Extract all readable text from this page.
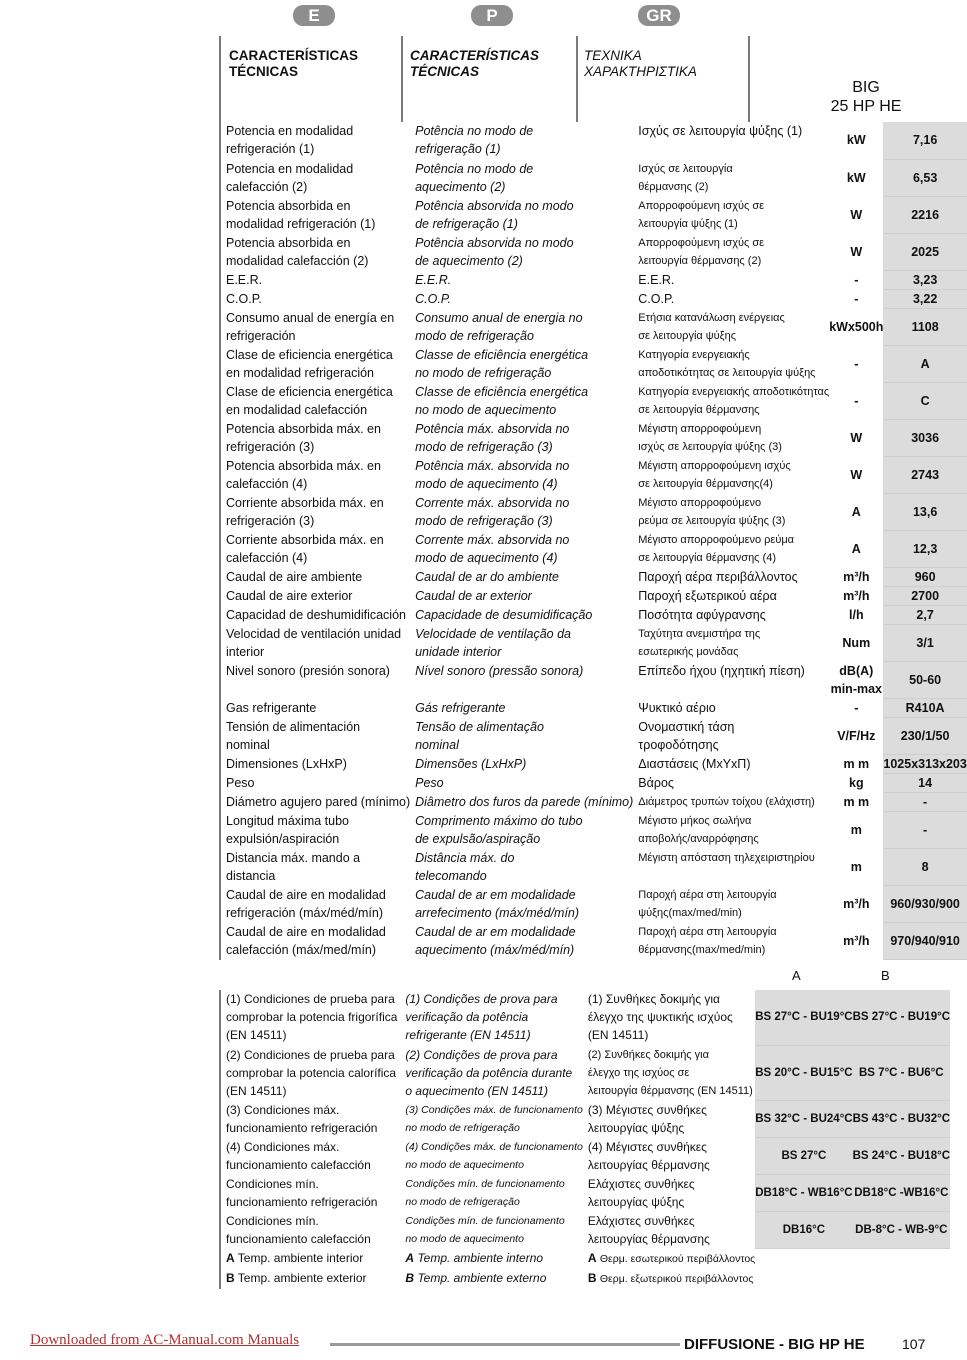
E	P	GR
CARACTERÍSTICAS
TÉCNICAS
CARACTERÍSTICAS
TÉCNICAS
ΤΕΧΝΙΚΑ
ΧΑΡΑΚΤΗΡΙΣΤΙΚΑ
BIG
25 HP HE
Potencia en modalidad
refrigeración (1)	Potência no modo de
refrigeração (1)	Ισχύς σε λειτουργία ψύξης (1)	kW	7,16
Potencia en modalidad
calefacción (2)	Potência no modo de
aquecimento (2)	Ισχύς σε λειτουργία
θέρμανσης (2)	kW	6,53
Potencia absorbida en
modalidad refrigeración (1)	Potência absorvida no modo
de refrigeração (1)	Απορροφούμενη ισχύς σε
λειτουργία ψύξης (1)	W	2216
Potencia absorbida en
modalidad calefacción (2)	Potência absorvida no modo
de aquecimento (2)	Απορροφούμενη ισχύς σε
λειτουργία θέρμανσης (2)	W	2025
E.E.R.	E.E.R.	E.E.R.	-	3,23
C.O.P.	C.O.P.	C.O.P.	-	3,22
Consumo anual de energía en
refrigeración	Consumo anual de energia no
modo de refrigeração	Ετήσια κατανάλωση ενέργειας
σε λειτουργία ψύξης	kWx500h	1108
Clase de eficiencia energética
en modalidad refrigeración	Classe de eficiência energética
no modo de refrigeração	Κατηγορία ενεργειακής
αποδοτικότητας σε λειτουργία ψύξης	-	A
Clase de eficiencia energética
en modalidad calefacción	Classe de eficiência energética
no modo de aquecimento	Κατηγορία ενεργειακής αποδοτικότητας
σε λειτουργία θέρμανσης	-	C
Potencia absorbida máx. en
refrigeración (3)	Potência máx. absorvida no
modo de refrigeração (3)	Μέγιστη απορροφούμενη
ισχύς σε λειτουργία ψύξης (3)	W	3036
Potencia absorbida máx. en
calefacción (4)	Potência máx. absorvida no
modo de aquecimento (4)	Μέγιστη απορροφούμενη ισχύς
σε λειτουργία θέρμανσης(4)	W	2743
Corriente absorbida máx. en
refrigeración (3)	Corrente máx. absorvida no
modo de refrigeração (3)	Μέγιστο απορροφούμενο
ρεύμα σε λειτουργία ψύξης (3)	A	13,6
Corriente absorbida máx. en
calefacción (4)	Corrente máx. absorvida no
modo de aquecimento (4)	Μέγιστο απορροφούμενο ρεύμα
σε λειτουργία θέρμανσης (4)	A	12,3
Caudal de aire ambiente	Caudal de ar do ambiente	Παροχή αέρα περιβάλλοντος	m³/h	960
Caudal de aire exterior	Caudal de ar exterior	Παροχή εξωτερικού αέρα	m³/h	2700
Capacidad de deshumidificación	Capacidade de desumidificação	Ποσότητα αφύγρανσης	l/h	2,7
Velocidad de ventilación unidad
interior	Velocidade de ventilação da
unidade interior	Ταχύτητα ανεμιστήρα της
εσωτερικής μονάδας	Num	3/1
Nivel sonoro (presión sonora)	Nível sonoro (pressão sonora)	Επίπεδο ήχου (ηχητική πίεση)	dB(A)
min-max	50-60
Gas refrigerante	Gás refrigerante	Ψυκτικό αέριο	-	R410A
Tensión de alimentación
nominal	Tensão de alimentação
nominal	Ονομαστική τάση
τροφοδότησης	V/F/Hz	230/1/50
Dimensiones (LxHxP)	Dimensões (LxHxP)	Διαστάσεις (ΜxΥxΠ)	m m	1025x313x203
Peso	Peso	Βάρος	kg	14
Diámetro agujero pared (mínimo)	Diâmetro dos furos da parede (mínimo)	Διάμετρος τρυπών τοίχου (ελάχιστη)	m m	-
Longitud máxima tubo
expulsión/aspiración	Comprimento máximo do tubo
de expulsão/aspiração	Μέγιστο μήκος σωλήνα
αποβολής/αναρρόφησης	m	-
Distancia máx. mando a
distancia	Distância máx. do
telecomando	Μέγιστη απόσταση τηλεχειριστηρίου	m	8
Caudal de aire en modalidad
refrigeración (máx/méd/mín)	Caudal de ar em modalidade
arrefecimento (máx/méd/mín)	Παροχή αέρα στη λειτουργία
ψύξης(max/med/min)	m³/h	960/930/900
Caudal de aire en modalidad
calefacción (máx/med/mín)	Caudal de ar em modalidade
aquecimento (máx/méd/mín)	Παροχή αέρα στη λειτουργία
θέρμανσης(max/med/min)	m³/h	970/940/910
A	B
(1) Condiciones de prueba para
comprobar la potencia frigorífica
(EN 14511)	(1) Condições de prova para
verificação da potência
refrigerante (EN 14511)	(1) Συνθήκες δοκιμής για
έλεγχο της ψυκτικής ισχύος
(EN 14511)	BS 27°C - BU19°C	BS 27°C - BU19°C
(2) Condiciones de prueba para
comprobar la potencia calorífica
(EN 14511)	(2) Condições de prova para
verificação da potência durante
o aquecimento (EN 14511)	(2) Συνθήκες δοκιμής για
έλεγχο της ισχύος σε
λειτουργία θέρμανσης (EN 14511)	BS 20°C - BU15°C	BS 7°C - BU6°C
(3) Condiciones máx.
funcionamiento refrigeración	(3) Condições máx. de funcionamento
no modo de refrigeração	(3) Μέγιστες συνθήκες
λειτουργίας ψύξης	BS 32°C - BU24°C	BS 43°C - BU32°C
(4) Condiciones máx.
funcionamiento calefacción	(4) Condições máx. de funcionamento
no modo de aquecimento	(4) Μέγιστες συνθήκες
λειτουργίας θέρμανσης	BS 27°C	BS 24°C - BU18°C
Condiciones mín.
funcionamiento refrigeración	Condições mín. de funcionamento
no modo de refrigeração	Ελάχιστες συνθήκες
λειτουργίας ψύξης	DB18°C - WB16°C	DB18°C -WB16°C
Condiciones mín.
funcionamiento calefacción	Condições mín. de funcionamento
no modo de aquecimento	Ελάχιστες συνθήκες
λειτουργίας θέρμανσης	DB16°C	DB-8°C - WB-9°C
A Temp. ambiente interior	A Temp. ambiente interno	A Θερμ. εσωτερικού περιβάλλοντος		
B Temp. ambiente exterior	B Temp. ambiente externo	B Θερμ. εξωτερικού περιβάλλοντος		
Downloaded from AC-Manual.com Manuals	DIFFUSIONE - BIG HP HE	107
